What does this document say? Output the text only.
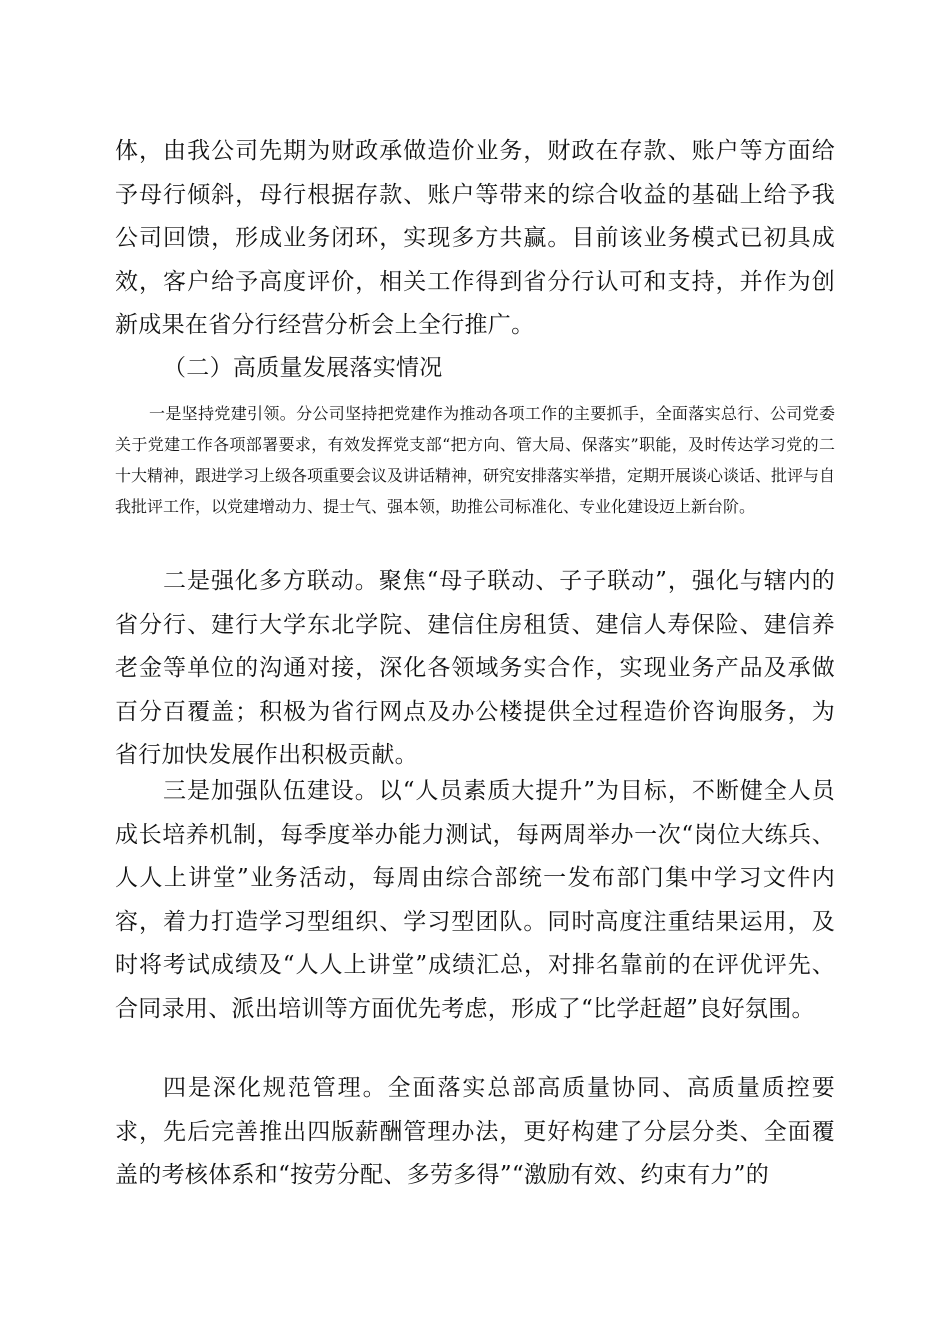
体，由我公司先期为财政承做造价业务，财政在存款、账户等方面给予母行倾斜，母行根据存款、账户等带来的综合收益的基础上给予我公司回馈，形成业务闭环，实现多方共赢。目前该业务模式已初具成效，客户给予高度评价，相关工作得到省分行认可和支持，并作为创新成果在省分行经营分析会上全行推广。

（二）高质量发展落实情况

一是坚持党建引领。分公司坚持把党建作为推动各项工作的主要抓手，全面落实总行、公司党委关于党建工作各项部署要求，有效发挥党支部“把方向、管大局、保落实”职能，及时传达学习党的二十大精神，跟进学习上级各项重要会议及讲话精神，研究安排落实举措，定期开展谈心谈话、批评与自我批评工作，以党建增动力、提士气、强本领，助推公司标准化、专业化建设迈上新台阶。

二是强化多方联动。聚焦“母子联动、子子联动”，强化与辖内的省分行、建行大学东北学院、建信住房租赁、建信人寿保险、建信养老金等单位的沟通对接，深化各领域务实合作，实现业务产品及承做百分百覆盖；积极为省行网点及办公楼提供全过程造价咨询服务，为省行加快发展作出积极贡献。

三是加强队伍建设。以“人员素质大提升”为目标，不断健全人员成长培养机制，每季度举办能力测试，每两周举办一次“岗位大练兵、人人上讲堂”业务活动，每周由综合部统一发布部门集中学习文件内容，着力打造学习型组织、学习型团队。同时高度注重结果运用，及时将考试成绩及“人人上讲堂”成绩汇总，对排名靠前的在评优评先、合同录用、派出培训等方面优先考虑，形成了“比学赶超”良好氛围。

四是深化规范管理。全面落实总部高质量协同、高质量质控要求，先后完善推出四版薪酬管理办法，更好构建了分层分类、全面覆盖的考核体系和“按劳分配、多劳多得”“激励有效、约束有力”的
